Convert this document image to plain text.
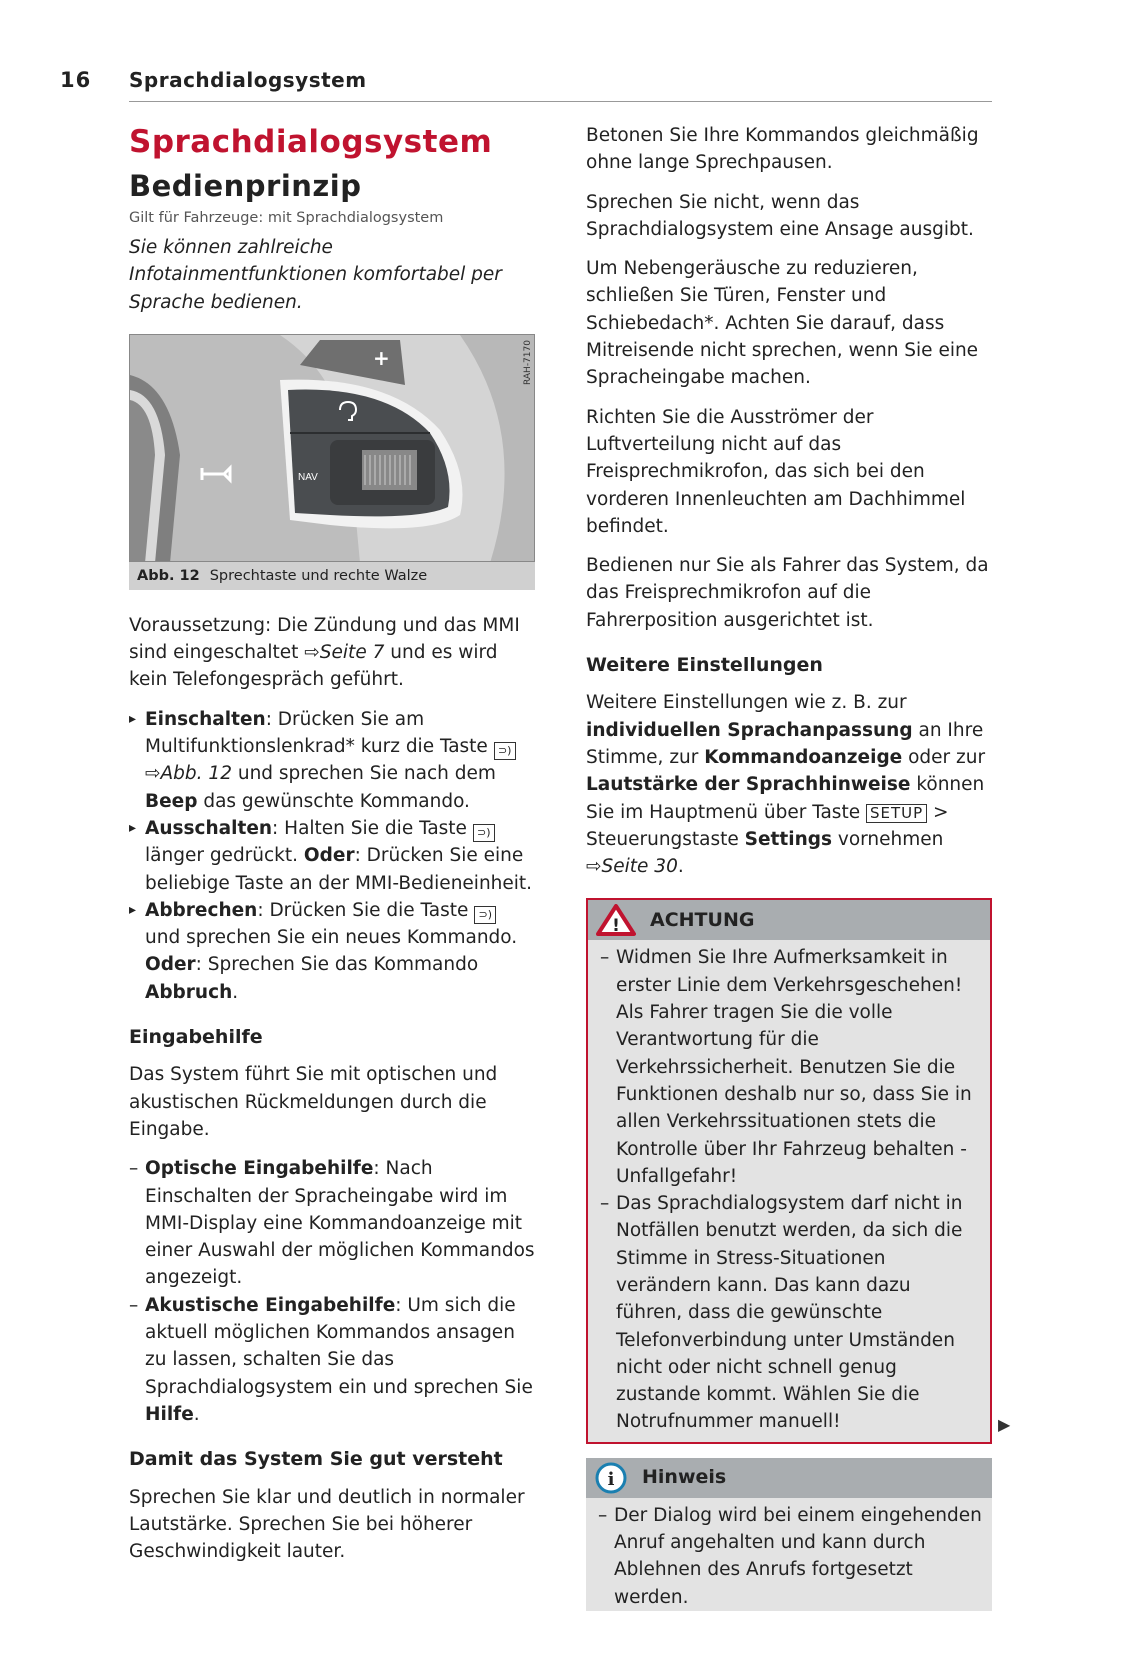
16 Sprachdialogsystem
Sprachdialogsystem
Bedienprinzip
Gilt für Fahrzeuge: mit Sprachdialogsystem

Sie können zahlreiche Infotainmentfunktionen komfortabel per Sprache bedienen.

+
NAV
RAH-7170
Abb. 12 Sprechtaste und rechte Walze

Voraussetzung: Die Zündung und das MMI sind eingeschaltet ⇨Seite 7 und es wird kein Telefongespräch geführt.

▸ Einschalten: Drücken Sie am Multifunktionslenkrad* kurz die Taste ⊃) ⇨Abb. 12 und sprechen Sie nach dem Beep das gewünschte Kommando.
▸ Ausschalten: Halten Sie die Taste ⊃) länger gedrückt. Oder: Drücken Sie eine beliebige Taste an der MMI-Bedieneinheit.
▸ Abbrechen: Drücken Sie die Taste ⊃) und sprechen Sie ein neues Kommando. Oder: Sprechen Sie das Kommando Abbruch.
Eingabehilfe

Das System führt Sie mit optischen und akustischen Rückmeldungen durch die Eingabe.

– Optische Eingabehilfe: Nach Einschalten der Spracheingabe wird im MMI-Display eine Kommandoanzeige mit einer Auswahl der möglichen Kommandos angezeigt.
– Akustische Eingabehilfe: Um sich die aktuell möglichen Kommandos ansagen zu lassen, schalten Sie das Sprachdialogsystem ein und sprechen Sie Hilfe.
Damit das System Sie gut versteht

Sprechen Sie klar und deutlich in normaler Lautstärke. Sprechen Sie bei höherer Geschwindigkeit lauter.

Betonen Sie Ihre Kommandos gleichmäßig ohne lange Sprechpausen.

Sprechen Sie nicht, wenn das Sprachdialogsystem eine Ansage ausgibt.

Um Nebengeräusche zu reduzieren, schließen Sie Türen, Fenster und Schiebedach*. Achten Sie darauf, dass Mitreisende nicht sprechen, wenn Sie eine Spracheingabe machen.

Richten Sie die Ausströmer der Luftverteilung nicht auf das Freisprechmikrofon, das sich bei den vorderen Innenleuchten am Dachhimmel befindet.

Bedienen nur Sie als Fahrer das System, da das Freisprechmikrofon auf die Fahrerposition ausgerichtet ist.

Weitere Einstellungen

Weitere Einstellungen wie z. B. zur individuellen Sprachanpassung an Ihre Stimme, zur Kommandoanzeige oder zur Lautstärke der Sprachhinweise können Sie im Hauptmenü über Taste SETUP > Steuerungstaste Settings vornehmen ⇨Seite 30.

! ACHTUNG
– Widmen Sie Ihre Aufmerksamkeit in erster Linie dem Verkehrsgeschehen! Als Fahrer tragen Sie die volle Verantwortung für die Verkehrssicherheit. Benutzen Sie die Funktionen deshalb nur so, dass Sie in allen Verkehrssituationen stets die Kontrolle über Ihr Fahrzeug behalten - Unfallgefahr!
– Das Sprachdialogsystem darf nicht in Notfällen benutzt werden, da sich die Stimme in Stress-Situationen verändern kann. Das kann dazu führen, dass die gewünschte Telefonverbindung unter Umständen nicht oder nicht schnell genug zustande kommt. Wählen Sie die Notrufnummer manuell!
i Hinweis
– Der Dialog wird bei einem eingehenden Anruf angehalten und kann durch Ablehnen des Anrufs fortgesetzt werden.
▶
